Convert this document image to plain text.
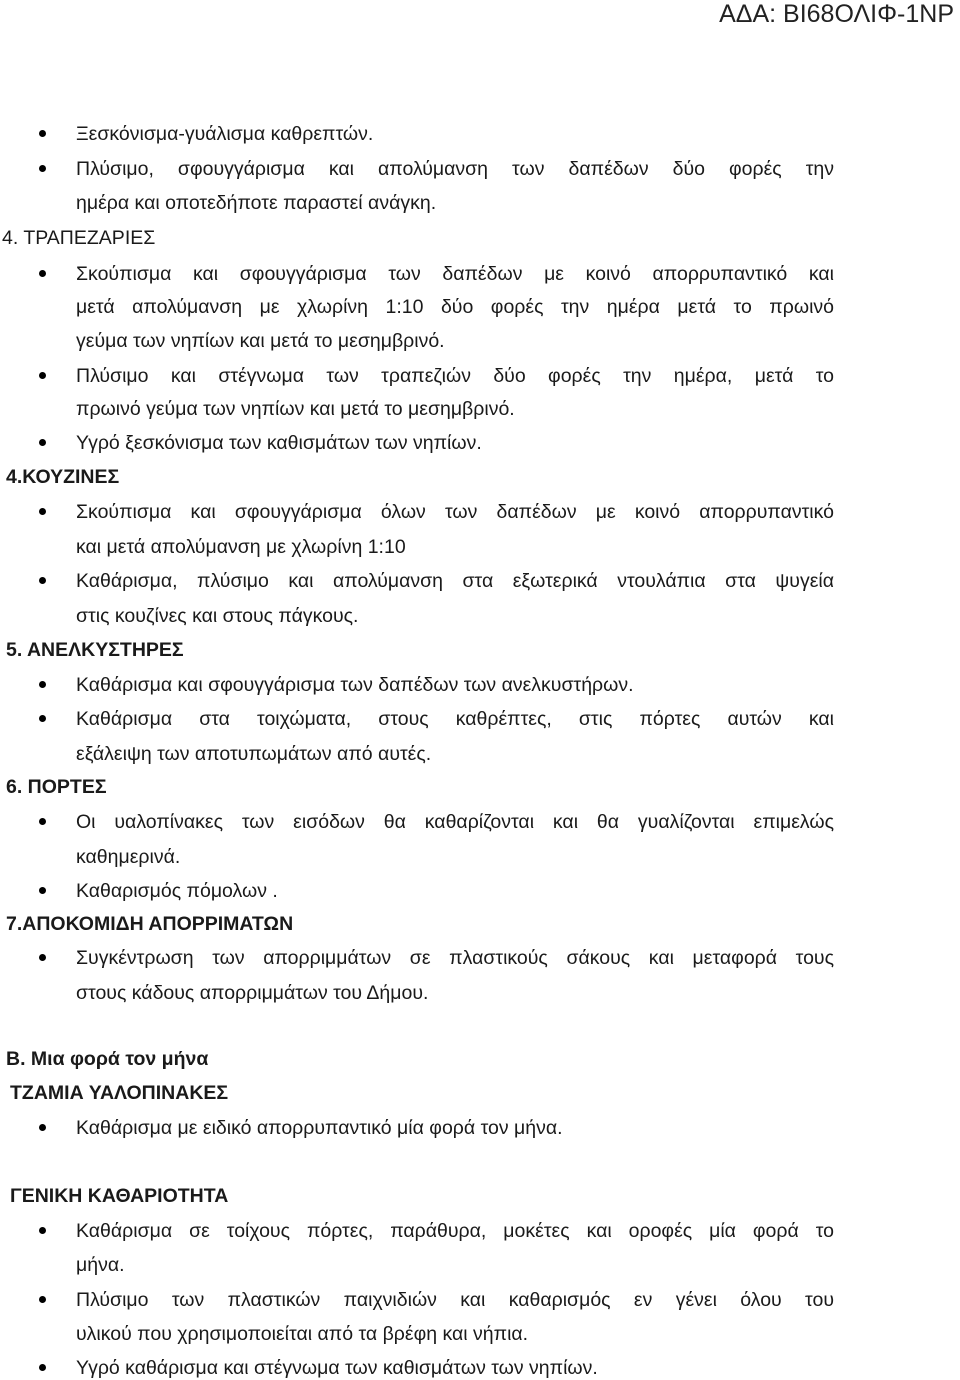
ΑΔΑ: ΒΙ68ΟΛΙΦ-1ΝΡ
Ξεσκόνισμα-γυάλισμα καθρεπτών.
Πλύσιμο, σφουγγάρισμα και απολύμανση των δαπέδων δύο φορές την
ημέρα και οποτεδήποτε παραστεί ανάγκη.
4. ΤΡΑΠΕΖΑΡΙΕΣ
Σκούπισμα και σφουγγάρισμα των δαπέδων με κοινό απορρυπαντικό και
μετά απολύμανση με χλωρίνη 1:10 δύο φορές την ημέρα μετά το πρωινό
γεύμα των νηπίων και μετά το μεσημβρινό.
Πλύσιμο και στέγνωμα των τραπεζιών δύο φορές την ημέρα, μετά το
πρωινό γεύμα των νηπίων και μετά το μεσημβρινό.
Υγρό ξεσκόνισμα των καθισμάτων των νηπίων.
4.ΚΟΥΖΙΝΕΣ
Σκούπισμα και σφουγγάρισμα όλων των δαπέδων με κοινό απορρυπαντικό
και μετά απολύμανση με χλωρίνη 1:10
Καθάρισμα, πλύσιμο και απολύμανση στα εξωτερικά ντουλάπια στα ψυγεία
στις κουζίνες και στους πάγκους.
5. ΑΝΕΛΚΥΣΤΗΡΕΣ
Καθάρισμα και σφουγγάρισμα των δαπέδων των ανελκυστήρων.
Καθάρισμα στα τοιχώματα, στους καθρέπτες, στις πόρτες αυτών και
εξάλειψη των αποτυπωμάτων από αυτές.
6. ΠΟΡΤΕΣ
Οι υαλοπίνακες των εισόδων θα καθαρίζονται και θα γυαλίζονται επιμελώς
καθημερινά.
Καθαρισμός πόμολων .
7.ΑΠΟΚΟΜΙΔΗ ΑΠΟΡΡΙΜΑΤΩΝ
Συγκέντρωση των απορριμμάτων σε πλαστικούς σάκους και μεταφορά τους
στους κάδους απορριμμάτων του Δήμου.
Β. Μια φορά τον μήνα
ΤΖΑΜΙΑ ΥΑΛΟΠΙΝΑΚΕΣ
Καθάρισμα με ειδικό απορρυπαντικό μία φορά τον μήνα.
ΓΕΝΙΚΗ ΚΑΘΑΡΙΟΤΗΤΑ
Καθάρισμα σε τοίχους πόρτες, παράθυρα, μοκέτες και οροφές μία φορά το
μήνα.
Πλύσιμο των πλαστικών παιχνιδιών και καθαρισμός εν γένει όλου του
υλικού που χρησιμοποιείται από τα βρέφη και νήπια.
Υγρό καθάρισμα και στέγνωμα των καθισμάτων των νηπίων.
